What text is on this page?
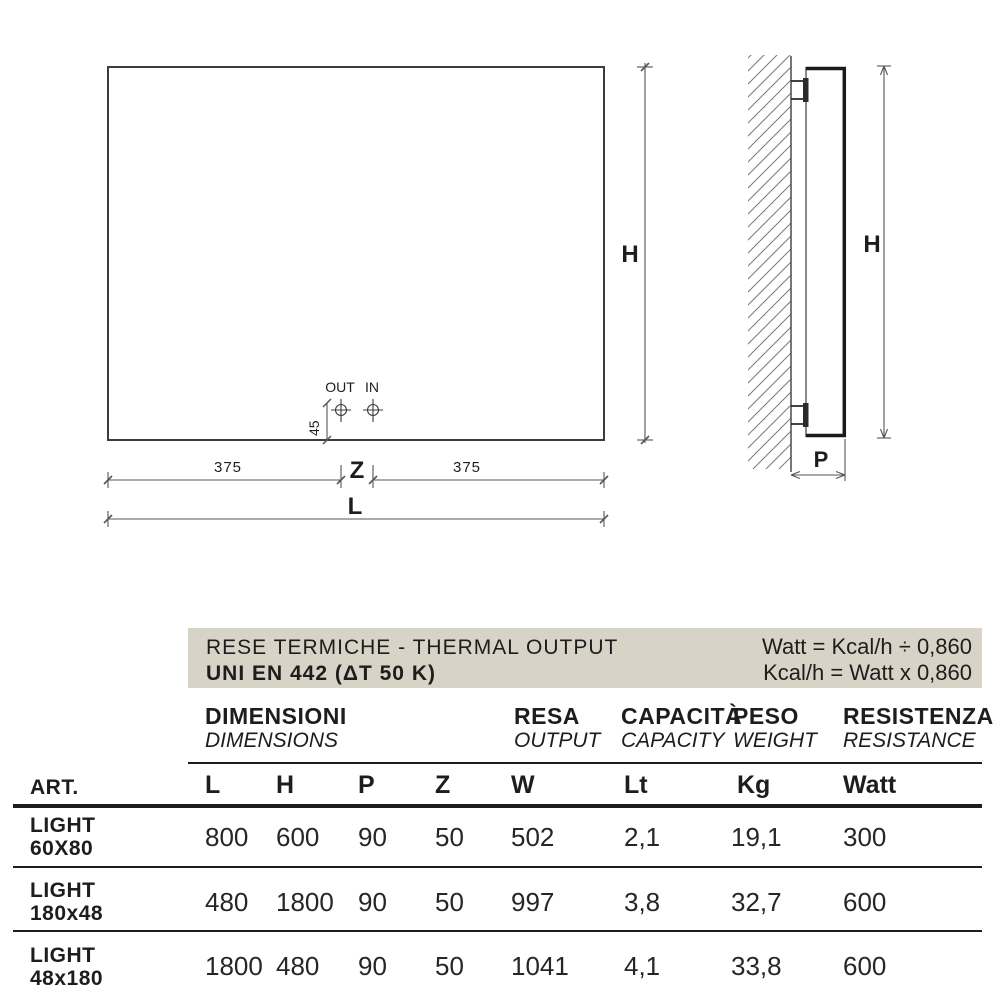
H
OUT IN
45
375	375
Z
L
H
P
RESE TERMICHE - THERMAL OUTPUT
UNI EN 442 (ΔT 50 K)
Watt = Kcal/h ÷ 0,860
Kcal/h = Watt x 0,860
DIMENSIONI
DIMENSIONS
RESA
OUTPUT
CAPACITÀ
CAPACITY
PESO
WEIGHT
RESISTENZA
RESISTANCE
ART.	L H	P Z W	Lt	Kg	Watt
LIGHT
60X80	800 600 90 50 502	2,1	19,1 300
LIGHT
180x48	480 1800 90 50 997	3,8	32,7 600
LIGHT
48x180	1800 480 90 50 1041 4,1	33,8 600
